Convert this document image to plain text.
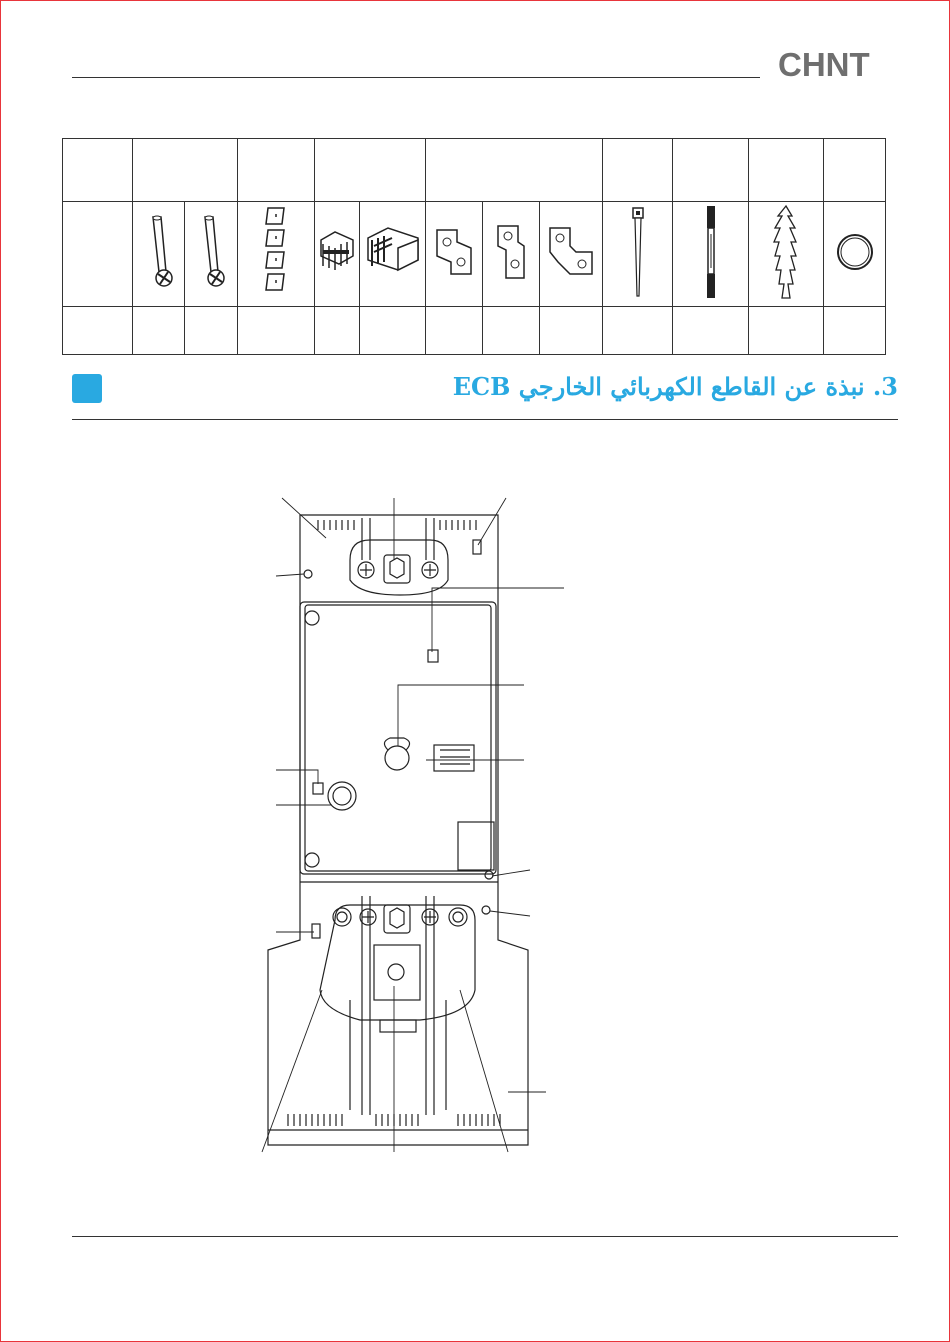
CHNT

3. نبذة عن القاطع الكهربائي الخارجي ECB
